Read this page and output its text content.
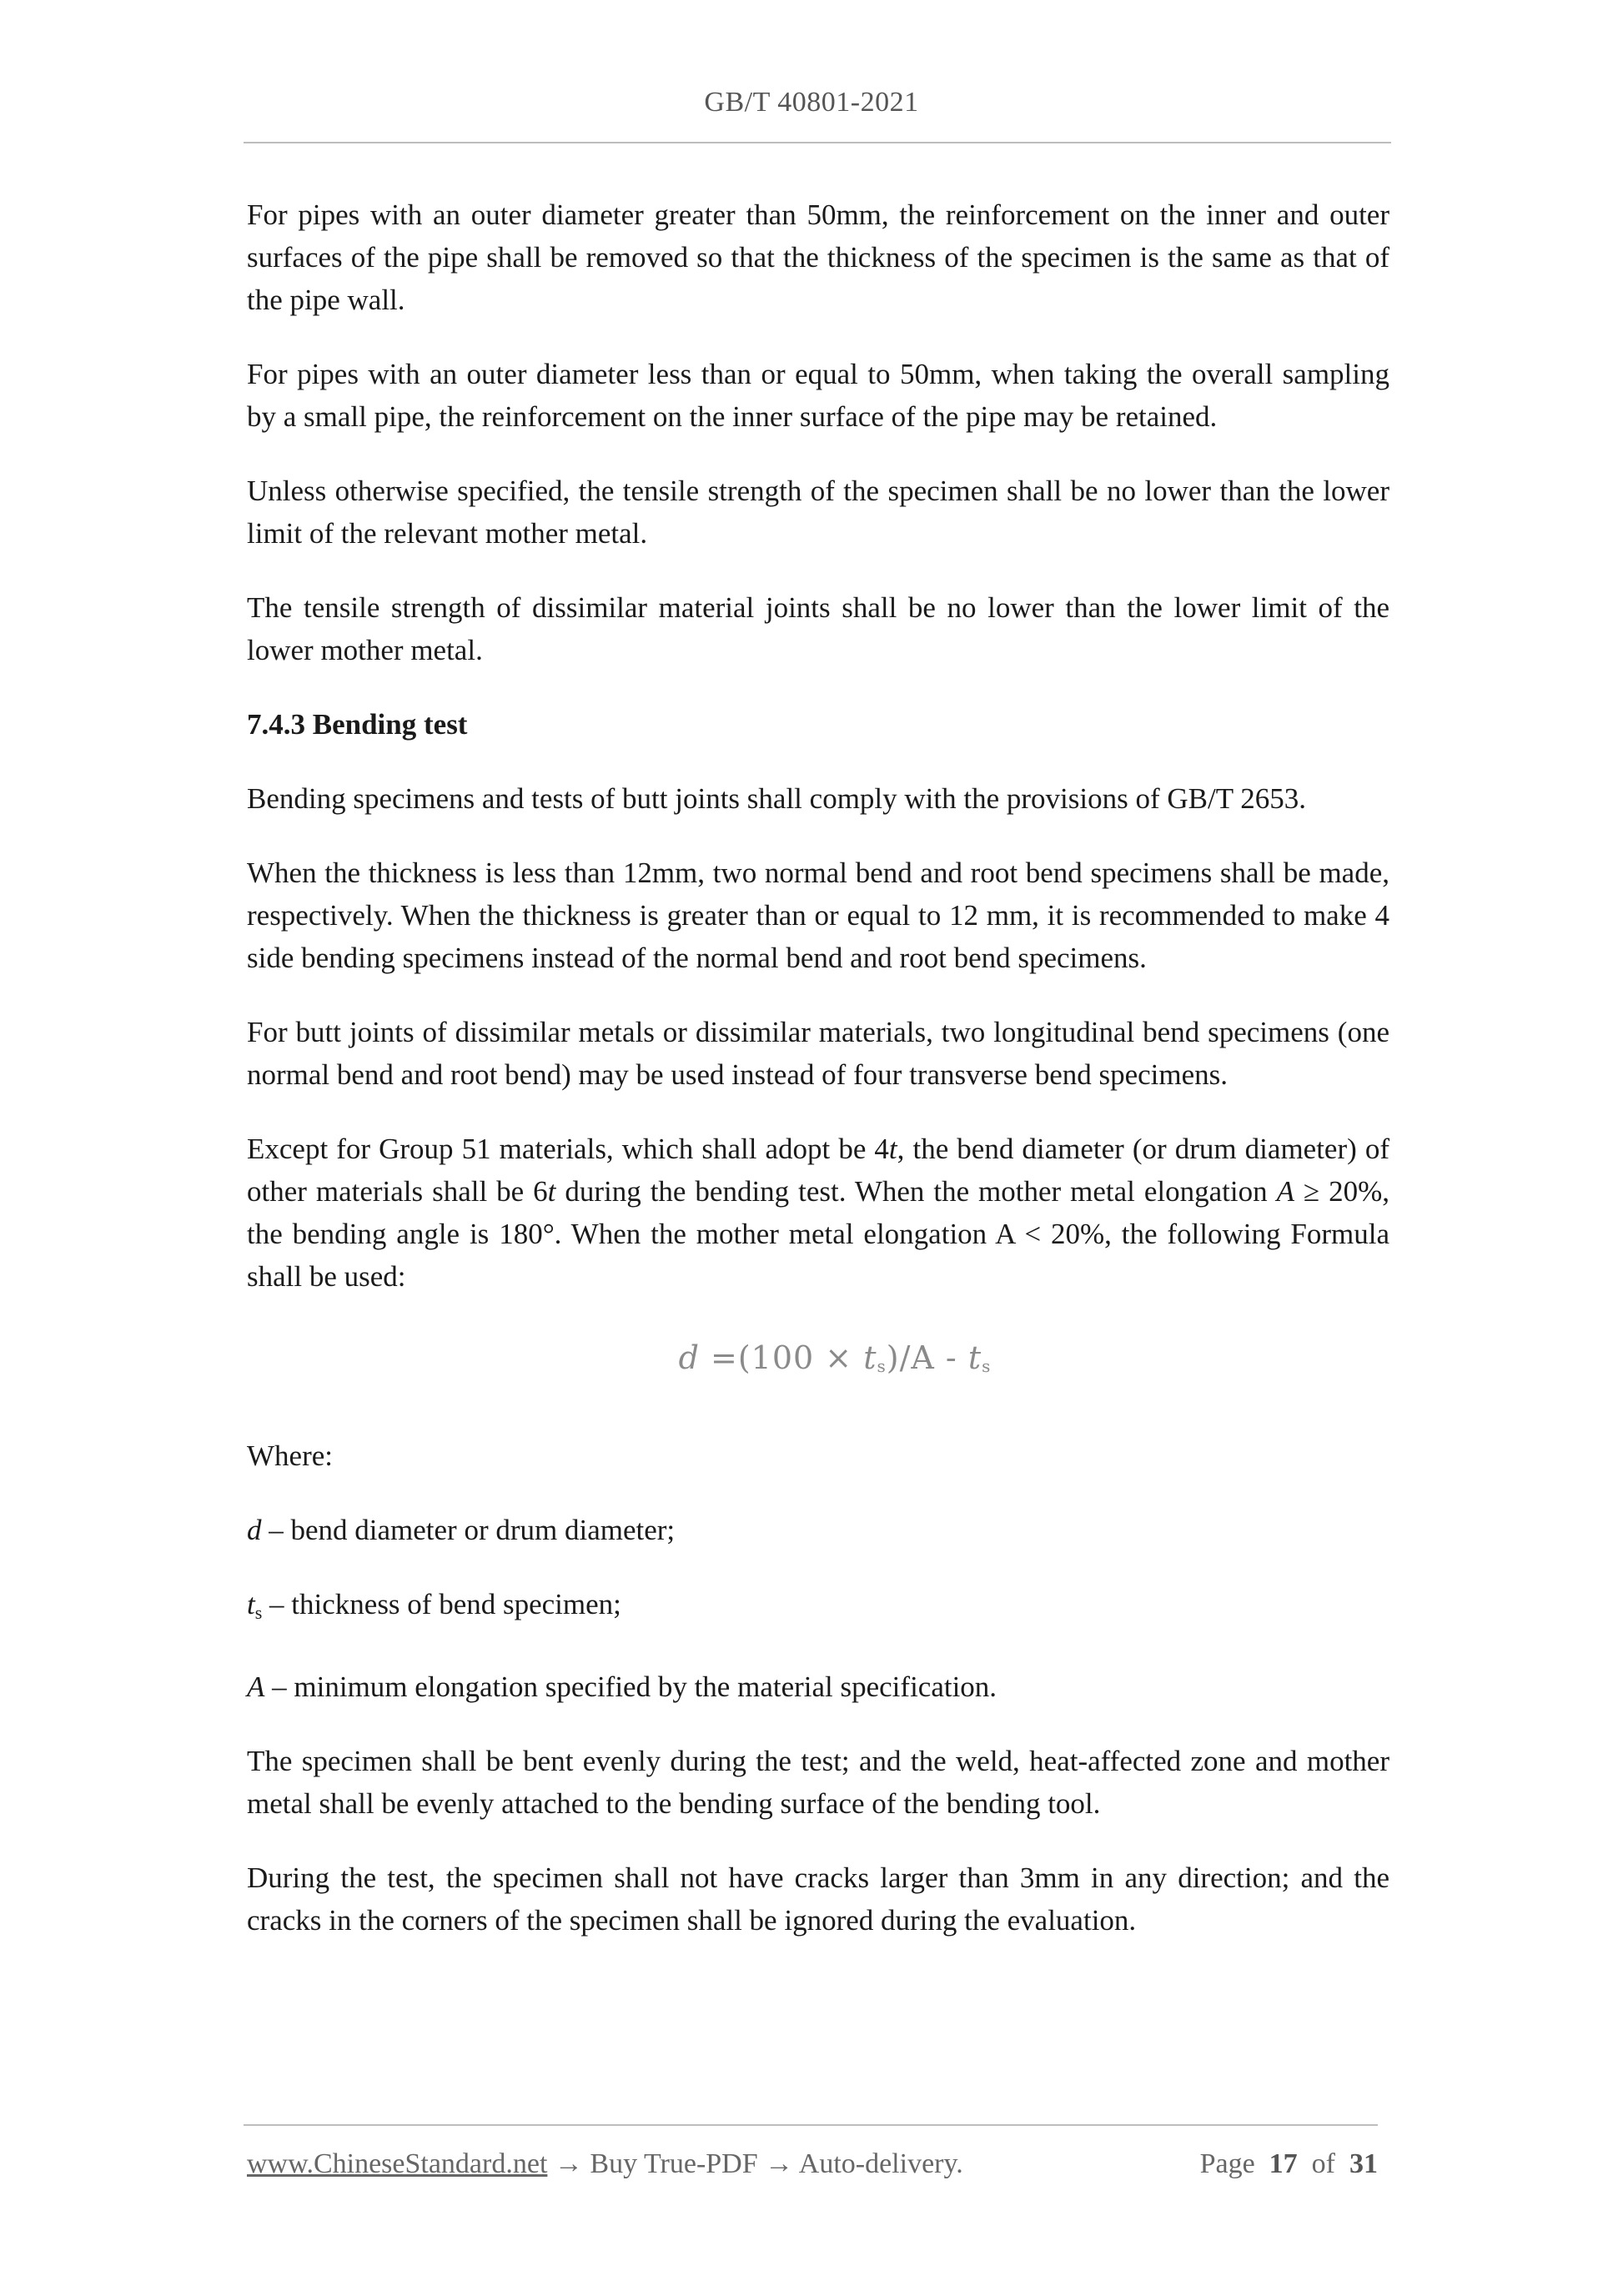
GB/T 40801-2021

For pipes with an outer diameter greater than 50mm, the reinforcement on the inner and outer surfaces of the pipe shall be removed so that the thickness of the specimen is the same as that of the pipe wall.

For pipes with an outer diameter less than or equal to 50mm, when taking the overall sampling by a small pipe, the reinforcement on the inner surface of the pipe may be retained.

Unless otherwise specified, the tensile strength of the specimen shall be no lower than the lower limit of the relevant mother metal.

The tensile strength of dissimilar material joints shall be no lower than the lower limit of the lower mother metal.

7.4.3 Bending test

Bending specimens and tests of butt joints shall comply with the provisions of GB/T 2653.

When the thickness is less than 12mm, two normal bend and root bend specimens shall be made, respectively. When the thickness is greater than or equal to 12 mm, it is recommended to make 4 side bending specimens instead of the normal bend and root bend specimens.

For butt joints of dissimilar metals or dissimilar materials, two longitudinal bend specimens (one normal bend and root bend) may be used instead of four transverse bend specimens.

Except for Group 51 materials, which shall adopt be 4t, the bend diameter (or drum diameter) of other materials shall be 6t during the bending test. When the mother metal elongation A ≥ 20%, the bending angle is 180°. When the mother metal elongation A < 20%, the following Formula shall be used:

$d =(100 \times t_s)/A - t_s$

Where:

d – bend diameter or drum diameter;

ts – thickness of bend specimen;

A – minimum elongation specified by the material specification.

The specimen shall be bent evenly during the test; and the weld, heat-affected zone and mother metal shall be evenly attached to the bending surface of the bending tool.

During the test, the specimen shall not have cracks larger than 3mm in any direction; and the cracks in the corners of the specimen shall be ignored during the evaluation.

www.ChineseStandard.net → Buy True-PDF → Auto-delivery.	Page 17 of 31
